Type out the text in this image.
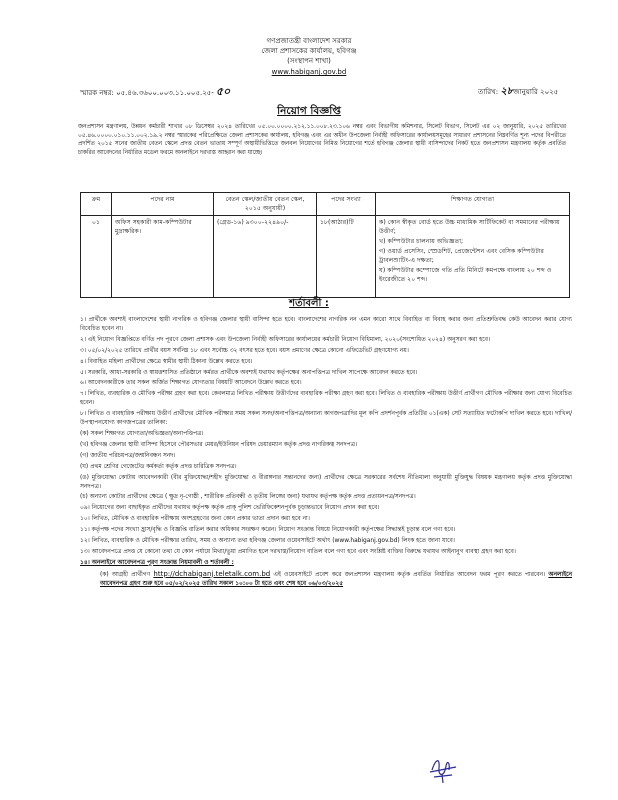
গণপ্রজাতন্ত্রী বাংলাদেশ সরকার
জেলা প্রশাসকের কার্যালয়, হবিগঞ্জ
(সংস্থাপন শাখা)
www.habiganj.gov.bd
স্মারক নম্বর: ০৫.৪৬.৩৬০০.০০৩.১১.০০৫.২৫- ৫০	তারিখ: ২৮জানুয়ারি ২০২৫
নিয়োগ বিজ্ঞপ্তি
জনপ্রশাসন মন্ত্রণালয়, উন্নয়ন কর্মচারী শাখার ০৮ ডিসেম্বর ২০২৪ তারিখের ০৫.০০.০০০০.২১২.১১.০০৮.২৩.১০৬ নম্বর এবং বিভাগীয় কমিশনার, সিলেট বিভাগ, সিলেট এর ০২ জানুয়ারি, ২০২৫ তারিখের ০৫.৪৬.০০০০.০১০.১১.০০২.১৯.২ নম্বর স্মারকের পরিপ্রেক্ষিতে জেলা প্রশাসকের কার্যালয়, হবিগঞ্জ এবং এর অধীন উপজেলা নির্বাহী অফিসারের কার্যালয়সমূহের সাধারণ প্রশাসনের নিম্নবর্ণিত শূন্য পদের বিপরীতে প্রদর্শিত ২০১৫ সনের জাতীয় বেতন স্কেলে প্রদত্ত বেতন ভাতায় সম্পূর্ণ অস্থায়ীভিত্তিতে জনবল নিয়োগের নিমিত্ত নিয়োগের শর্তে হবিগঞ্জ জেলার স্থায়ী বাসিন্দাদের নিকট হতে জনপ্রশাসন মন্ত্রণালয় কর্তৃক প্রবর্তিত চাকরির আবেদনের নির্ধারিত মডেল ফরমে অনলাইনে দরখাস্ত আহ্বান করা যাচ্ছে।
ক্রম	পদের নাম	বেতন স্কেল/জাতীয় বেতন স্কেল, ২০১৫ অনুযায়ী)	পদের সংখ্যা	শিক্ষাগত যোগ্যতা
০১	অফিস সহকারী কাম-কম্পিউটার মুদ্রাক্ষরিক।	(গ্রেড-১৬) ৯৩০০-২২৪৯০/-	১৮(আঠার)টি	ক) কোন স্বীকৃত বোর্ড হতে উচ্চ মাধ্যমিক সার্টিফিকেট বা সমমানের পরীক্ষায় উত্তীর্ণ;
খ) কম্পিউটার চালনায় অভিজ্ঞতা;
গ) ওয়ার্ড প্রসেসিং, স্প্রেডশিট, প্রেজেন্টেশন এবং বেসিক কম্পিউটার ট্রাবলশ্যুটিং-এ দক্ষতা;
ঘ) কম্পিউটার কম্পোজে গতি প্রতি মিনিটে কমপক্ষে বাংলায় ২০ শব্দ ও ইংরেজীতে ২০ শব্দ।
শর্তাবলী :

১। প্রার্থীকে অবশ্যই বাংলাদেশের স্থায়ী নাগরিক ও হবিগঞ্জ জেলার স্থায়ী বাসিন্দা হতে হবে। বাংলাদেশের নাগরিক নন এমন কারো সাথে বিবাহিত বা বিবাহ করার জন্য প্রতিশ্রুতিবদ্ধ কেউ আবেদন করার যোগ্য বিবেচিত হবেন না।

২। এই নিয়োগ বিজ্ঞপ্তিতে বর্ণিত পদ পূরণে জেলা প্রশাসক এবং উপজেলা নির্বাহী অফিসারের কার্যালয়ের কর্মচারী নিয়োগ বিধিমালা, ২০২০(সংশোধিত ২০২৪) অনুসরণ করা হবে।

৩। ০৫/০২/২০২৫ তারিখে প্রার্থীর বয়স সর্বনিম্ন ১৮ এবং সর্বোচ্চ ৩২ বৎসর হতে হবে। বয়স প্রমাণের ক্ষেত্রে কোনো এফিডেভিট গ্রহণযোগ্য নয়।

৪। বিবাহিত মহিলা প্রার্থীদের ক্ষেত্রে স্বামীর স্থায়ী ঠিকানা উল্লেখ করতে হবে।

৫। সরকারি, আধা-সরকারি ও স্বায়ত্তশাসিত প্রতিষ্ঠানে কর্মরত প্রার্থীকে অবশ্যই যথাযথ কর্তৃপক্ষের অনাপত্তিপত্র দাখিল সাপেক্ষে আবেদন করতে হবে।

৬। আবেদনকারীকে তার সকল অর্জিত শিক্ষাগত যোগ্যতার বিষয়টি আবেদনে উল্লেখ করতে হবে।

৭। লিখিত, ব্যবহারিক ও মৌখিক পরীক্ষা গ্রহণ করা হবে। কেবলমাত্র লিখিত পরীক্ষায় উত্তীর্ণদের ব্যবহারিক পরীক্ষা গ্রহণ করা হবে। লিখিত ও ব্যবহারিক পরীক্ষায় উত্তীর্ণ প্রার্থীগণ মৌখিক পরীক্ষার জন্য যোগ্য বিবেচিত হবেন।

৮। লিখিত ও ব্যবহারিক পরীক্ষায় উত্তীর্ণ প্রার্থীদের মৌখিক পরীক্ষার সময় সকল সনদ/অনাপত্তিপত্র/অন্যান্য কাগজপত্রাদির মূল কপি প্রদর্শনপূর্বক প্রতিটির ০১(এক) সেট সত্যায়িত ফটোকপি দাখিল করতে হবে। দাখিল/উপস্থাপনযোগ্য কাগজপত্রের তালিকা:

(ক) সকল শিক্ষাগত যোগ্যতা/অভিজ্ঞতা/অনাপত্তিপত্র।

(খ) হবিগঞ্জ জেলার স্থায়ী বাসিন্দা হিসেবে পৌরসভার মেয়র/ইউনিয়ন পরিষদ চেয়ারম্যান কর্তৃক প্রদত্ত নাগরিকত্ব সনদপত্র।

(গ) জাতীয় পরিচয়পত্র/জন্মনিবন্ধন সনদ।

(ঘ) প্রথম শ্রেণির গেজেটেড কর্মকর্তা কর্তৃক প্রদত্ত চারিত্রিক সনদপত্র।

(ঙ) মুক্তিযোদ্ধা কোটায় আবেদনকারী (বীর মুক্তিযোদ্ধা/শহীদ মুক্তিযোদ্ধা ও বীরাঙ্গনার সন্তানদের জন্য) প্রার্থীদের ক্ষেত্রে সরকারের সর্বশেষ নীতিমালা অনুযায়ী মুক্তিযুদ্ধ বিষয়ক মন্ত্রণালয় কর্তৃক প্রদত্ত মুক্তিযোদ্ধা সনদপত্র।

(চ) অন্যান্য কোটার প্রার্থীদের ক্ষেত্রে ( ক্ষুদ্র নৃ-গোষ্ঠী , শারীরিক প্রতিবন্ধী ও তৃতীয় লিঙ্গের জন্য) যথাযথ কর্তৃপক্ষ কর্তৃক প্রদত্ত প্রত্যয়নপত্র/সনদপত্র।

০৯। নিয়োগের জন্য বাছাইকৃত প্রার্থীদের যথাযথ কর্তৃপক্ষ কর্তৃক প্রাক্ পুলিশ ভেরিফিকেশনপূর্বক চূড়ান্তভাবে নিয়োগ প্রদান করা হবে।

১০। লিখিত, মৌখিক ও ব্যবহারিক পরীক্ষায় অংশগ্রহণের জন্য কোন প্রকার ভাতা প্রদান করা হবে না।

১১। কর্তৃপক্ষ পদের সংখ্যা হ্রাস/বৃদ্ধি ও বিজ্ঞপ্তি বাতিল করার অধিকার সংরক্ষণ করেন। নিয়োগ সংক্রান্ত বিষয়ে নিয়োগকারী কর্তৃপক্ষের সিদ্ধান্তই চূড়ান্ত বলে গণ্য হবে।

১২। লিখিত, ব্যবহারিক ও মৌখিক পরীক্ষার তারিখ, সময় ও অন্যান্য তথ্য হবিগঞ্জ জেলার ওয়েবসাইটে অর্থাৎ (www.habiganj.gov.bd) লিংক হতে জানা যাবে।

১৩। আবেদনপত্রে প্রদত্ত যে কোনো তথ্য যে কোন পর্যায়ে মিথ্যা/ভুয়া প্রমাণিত হলে দরখাস্ত/নিয়োগ বাতিল বলে গণ্য হবে এবং সংশ্লিষ্ট ব্যক্তির বিরুদ্ধে যথাযথ আইনানুগ ব্যবস্থা গ্রহণ করা হবে।

১৪। অনলাইনে আবেদনপত্র পূরণ সংক্রান্ত নিয়মাবলী ও শর্তাবলী :

(ক) আগ্রহী প্রার্থীগণ http://dchabiganj.teletalk.com.bd এই ওয়েবসাইটে প্রবেশ করে জনপ্রশাসন মন্ত্রণালয় কর্তৃক প্রবর্তিত নির্ধারিত আবেদন ফরম পূরণ করতে পারবেন। অনলাইনে আবেদনপত্র গ্রহণ শুরু হবে ০৫/০২/২০২৫ তারিখ সকাল ১০:০০ টা হতে এবং শেষ হবে ০৬/০৩/২০২৫
